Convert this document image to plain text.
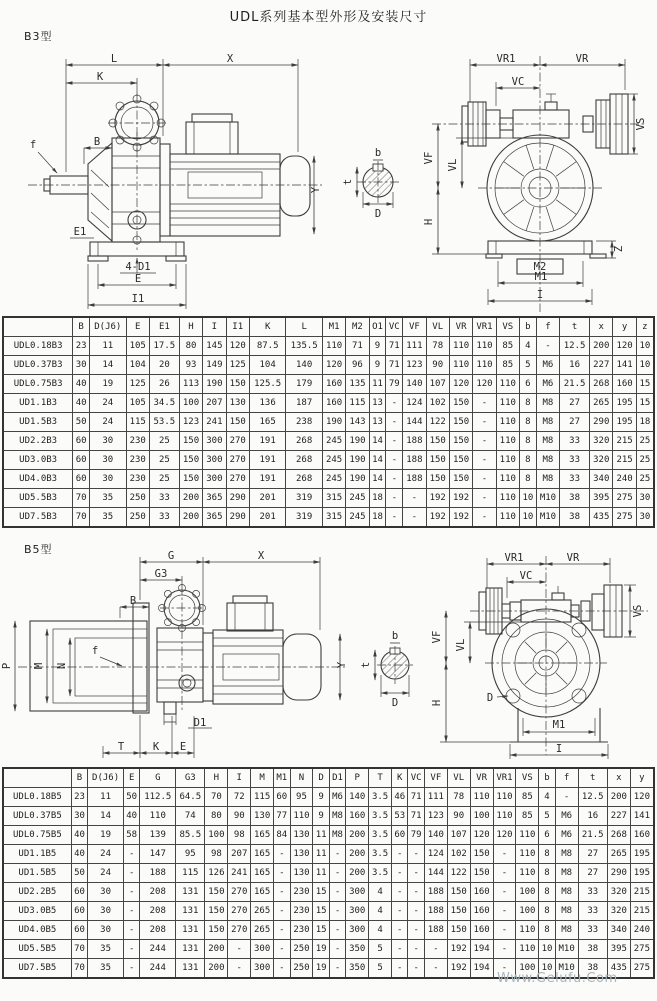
UDL系列基本型外形及安装尺寸
B3型
L
K
X
f	B
E1
4-D1
E
I1
Y
b
t
D
VR1	VR
VC
VS
Z
M2
M1
I
VF
VL
H
	B	D(J6)	E	E1	H	I	I1	K	L	M1	M2	O1	VC	VF	VL	VR	VR1	VS	b	f	t	x	y	z
UDL0.18B3	23	11	105	17.5	80	145	120	87.5	135.5	110	71	9	71	111	78	110	110	85	4	-	12.5	200	120	10
UDL0.37B3	30	14	104	20	93	149	125	104	140	120	96	9	71	123	90	110	110	85	5	M6	16	227	141	10
UDL0.75B3	40	19	125	26	113	190	150	125.5	179	160	135	11	79	140	107	120	120	110	6	M6	21.5	268	160	15
UD1.1B3	40	24	105	34.5	100	207	130	136	187	160	115	13	-	124	102	150	-	110	8	M8	27	265	195	15
UD1.5B3	50	24	115	53.5	123	241	150	165	238	190	143	13	-	144	122	150	-	110	8	M8	27	290	195	18
UD2.2B3	60	30	230	25	150	300	270	191	268	245	190	14	-	188	150	150	-	110	8	M8	33	320	215	25
UD3.0B3	60	30	230	25	150	300	270	191	268	245	190	14	-	188	150	150	-	110	8	M8	33	320	215	25
UD4.0B3	60	30	230	25	150	300	270	191	268	245	190	14	-	188	150	150	-	110	8	M8	33	340	240	25
UD5.5B3	70	35	250	33	200	365	290	201	319	315	245	18	-	-	192	192	-	110	10	M10	38	395	275	30
UD7.5B3	70	35	250	33	200	365	290	201	319	315	245	18	-	-	192	192	-	110	10	M10	38	435	275	30
B5型	G	X
G3
B
P M N
f
D1
Y
T	K E
b
t
D
VR1	VR
VC
VS
D
M1
I
VF
VL
H
	B	D(J6)	E	G	G3	H	I	M	M1	N	D	D1	P	T	K	VC	VF	VL	VR	VR1	VS	b	f	t	x	y
UDL0.18B5	23	11	50	112.5	64.5	70	72	115	60	95	9	M6	140	3.5	46	71	111	78	110	110	85	4	-	12.5	200	120
UDL0.37B5	30	14	40	110	74	80	90	130	77	110	9	M8	160	3.5	53	71	123	90	100	110	85	5	M6	16	227	141
UDL0.75B5	40	19	58	139	85.5	100	98	165	84	130	11	M8	200	3.5	60	79	140	107	120	120	110	6	M6	21.5	268	160
UD1.1B5	40	24	-	147	95	98	207	165	-	130	11	-	200	3.5	-	-	124	102	150	-	110	8	M8	27	265	195
UD1.5B5	50	24	-	188	115	126	241	165	-	130	11	-	200	3.5	-	-	144	122	150	-	110	8	M8	27	290	195
UD2.2B5	60	30	-	208	131	150	270	165	-	230	15	-	300	4	-	-	188	150	160	-	100	8	M8	33	320	215
UD3.0B5	60	30	-	208	131	150	270	265	-	230	15	-	300	4	-	-	188	150	160	-	100	8	M8	33	320	215
UD4.0B5	60	30	-	208	131	150	270	265	-	230	15	-	300	4	-	-	188	150	160	-	110	8	M8	33	340	240
UD5.5B5	70	35	-	244	131	200	-	300	-	250	19	-	350	5	-	-	-	192	194	-	110	10	M10	38	395	275
UD7.5B5	70	35	-	244	131	200	-	300	-	250	19	-	350	5	-	-	-	192	194	-	100	10	M10	38	435	275
Www.Gelufu.Com
